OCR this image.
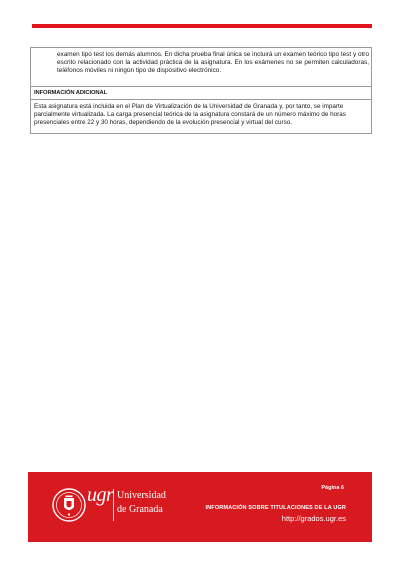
examen tipo test los demás alumnos. En dicha prueba final única se incluirá un examen teórico tipo test y otro escrito relacionado con la actividad práctica de la asignatura. En los exámenes no se permiten calculadoras, teléfonos móviles ni ningún tipo de dispositivo electrónico.
INFORMACIÓN ADICIONAL
Esta asignatura está incluida en el Plan de Virtualización de la Universidad de Granada y, por tanto, se imparte parcialmente virtualizada. La carga presencial teórica de la asignatura constará de un número máximo de horas presenciales entre 22 y 30 horas, dependiendo de la evolución presencial y virtual del curso.
ugr Universidad
de Granada
Página 6
INFORMACIÓN SOBRE TITULACIONES DE LA UGR
http://grados.ugr.es
